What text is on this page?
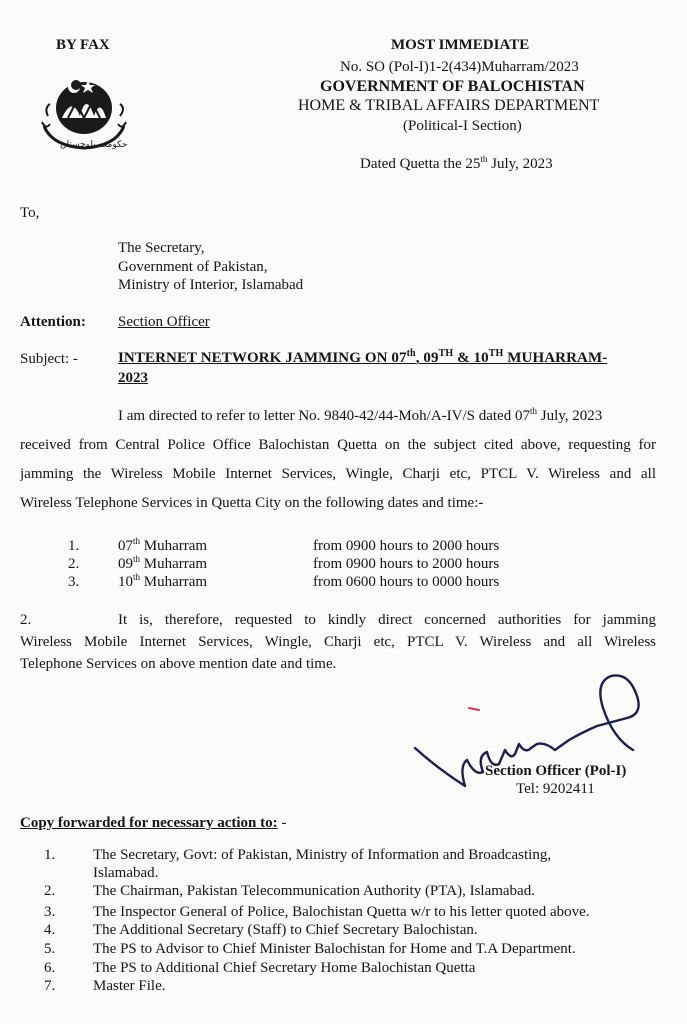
حکومت بلوچستان
BY FAX	MOST IMMEDIATE
No. SO (Pol-I)1-2(434)Muharram/2023
GOVERNMENT OF BALOCHISTAN
HOME & TRIBAL AFFAIRS DEPARTMENT
(Political-I Section)
Dated Quetta the 25th July, 2023
To,
The Secretary,
Government of Pakistan,
Ministry of Interior, Islamabad
Attention: Section Officer
Subject: -	INTERNET NETWORK JAMMING ON 07th, 09TH & 10TH MUHARRAM-
2023
I am directed to refer to letter No. 9840-42/44-Moh/A-IV/S dated 07th July, 2023
received from Central Police Office Balochistan Quetta on the subject cited above, requesting for
jamming the Wireless Mobile Internet Services, Wingle, Charji etc, PTCL V. Wireless and all
Wireless Telephone Services in Quetta City on the following dates and time:-
1.	07th Muharram	from 0900 hours to 2000 hours
2.	09th Muharram	from 0900 hours to 2000 hours
3.	10th Muharram	from 0600 hours to 0000 hours
2.	It is, therefore, requested to kindly direct concerned authorities for jamming
Wireless Mobile Internet Services, Wingle, Charji etc, PTCL V. Wireless and all Wireless
Telephone Services on above mention date and time.
Section Officer (Pol-I)
Tel: 9202411
Copy forwarded for necessary action to: -
1.	The Secretary, Govt: of Pakistan, Ministry of Information and Broadcasting,
Islamabad.
2.	The Chairman, Pakistan Telecommunication Authority (PTA), Islamabad.
3.	The Inspector General of Police, Balochistan Quetta w/r to his letter quoted above.
4.	The Additional Secretary (Staff) to Chief Secretary Balochistan.
5.	The PS to Advisor to Chief Minister Balochistan for Home and T.A Department.
6.	The PS to Additional Chief Secretary Home Balochistan Quetta
7.	Master File.
